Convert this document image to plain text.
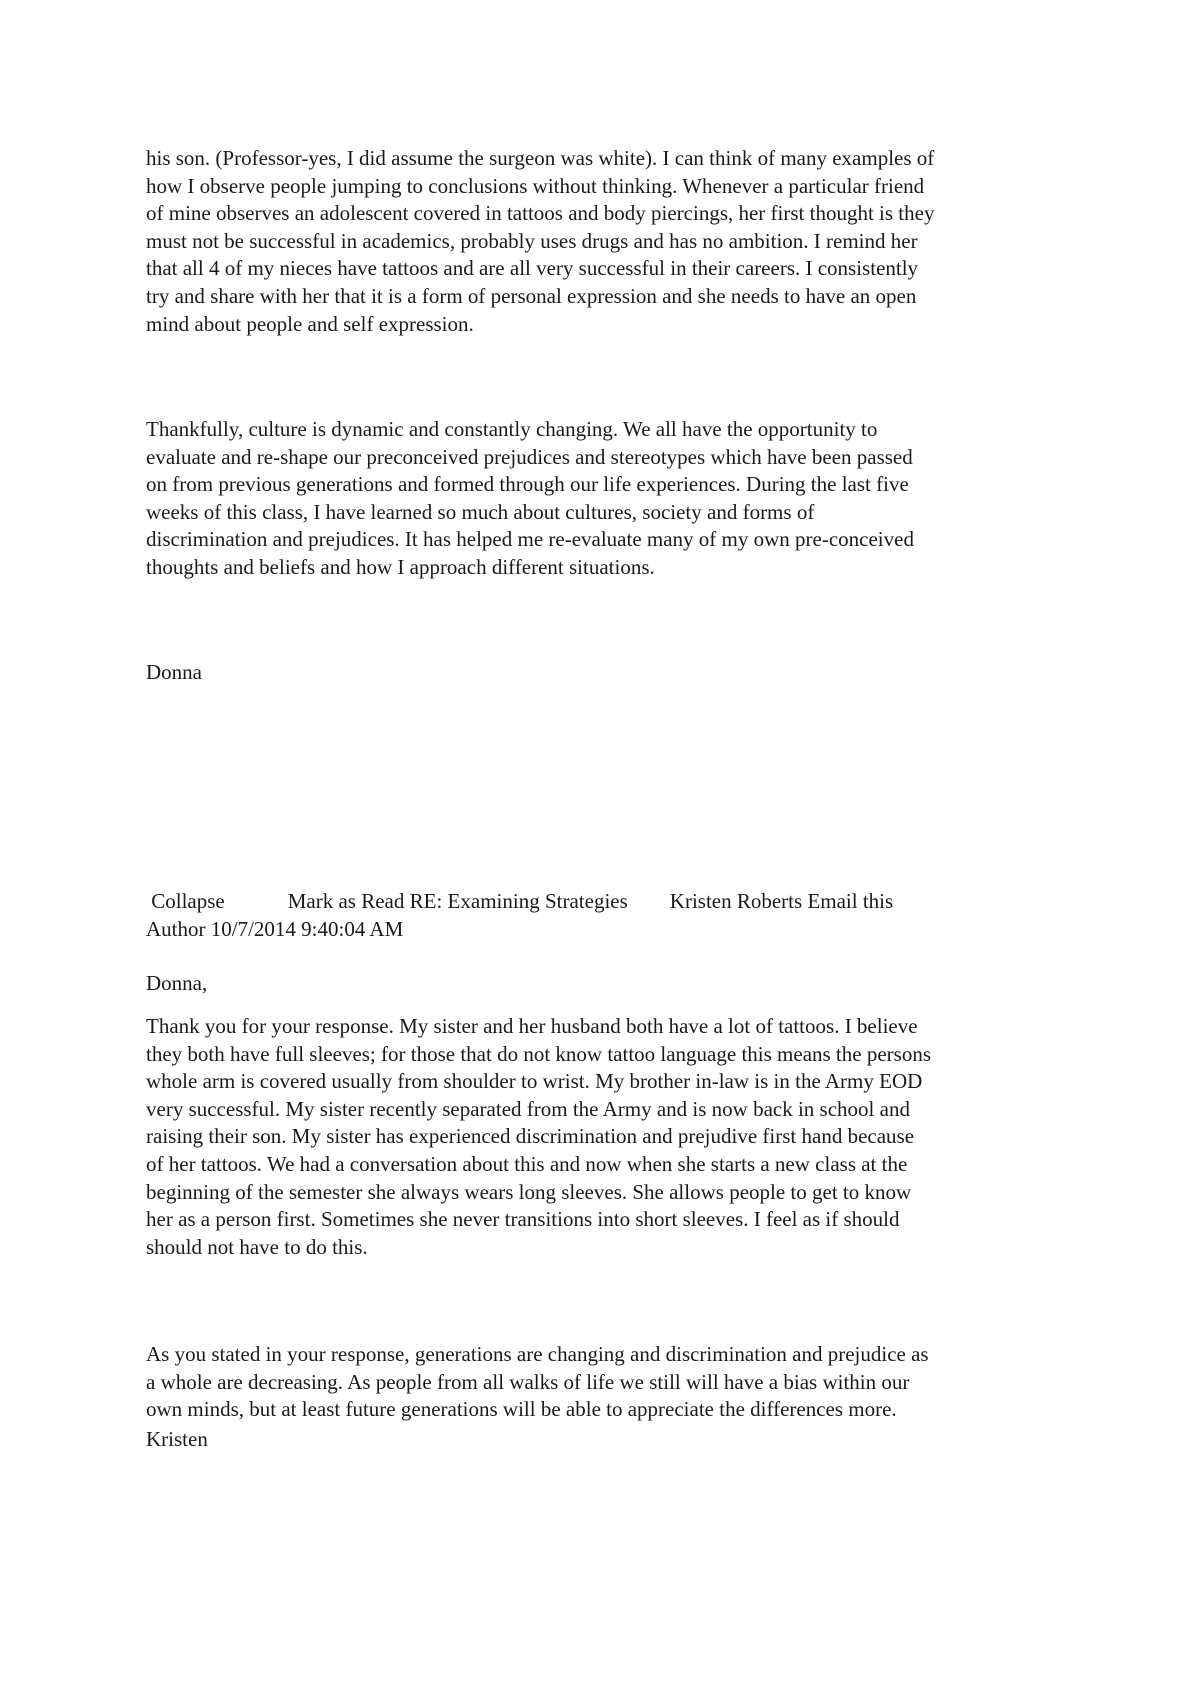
his son. (Professor-yes, I did assume the surgeon was white). I can think of many examples of
how I observe people jumping to conclusions without thinking. Whenever a particular friend
of mine observes an adolescent covered in tattoos and body piercings, her first thought is they
must not be successful in academics, probably uses drugs and has no ambition. I remind her
that all 4 of my nieces have tattoos and are all very successful in their careers. I consistently
try and share with her that it is a form of personal expression and she needs to have an open
mind about people and self expression.

Thankfully, culture is dynamic and constantly changing. We all have the opportunity to
evaluate and re-shape our preconceived prejudices and stereotypes which have been passed
on from previous generations and formed through our life experiences. During the last five
weeks of this class, I have learned so much about cultures, society and forms of
discrimination and prejudices. It has helped me re-evaluate many of my own pre-conceived
thoughts and beliefs and how I approach different situations.

Donna

Collapse	Mark as Read RE: Examining Strategies Kristen Roberts Email this
Author 10/7/2014 9:40:04 AM

Donna,

Thank you for your response. My sister and her husband both have a lot of tattoos. I believe
they both have full sleeves; for those that do not know tattoo language this means the persons
whole arm is covered usually from shoulder to wrist. My brother in-law is in the Army EOD
very successful. My sister recently separated from the Army and is now back in school and
raising their son. My sister has experienced discrimination and prejudive first hand because
of her tattoos. We had a conversation about this and now when she starts a new class at the
beginning of the semester she always wears long sleeves. She allows people to get to know
her as a person first. Sometimes she never transitions into short sleeves. I feel as if should
should not have to do this.

As you stated in your response, generations are changing and discrimination and prejudice as
a whole are decreasing. As people from all walks of life we still will have a bias within our
own minds, but at least future generations will be able to appreciate the differences more.

Kristen
